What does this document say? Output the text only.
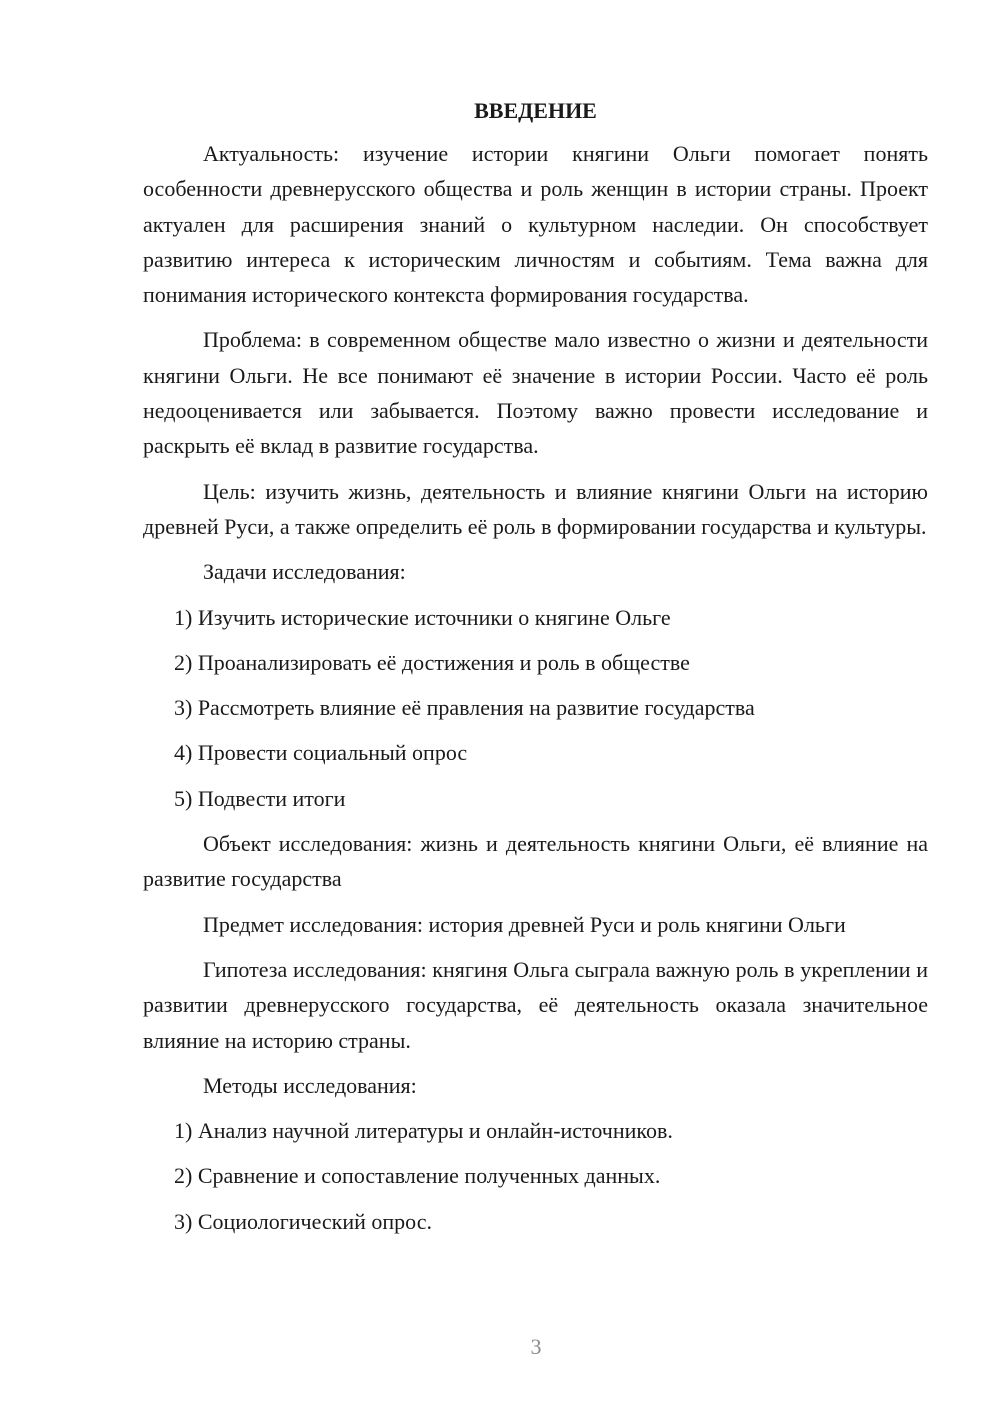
ВВЕДЕНИЕ
Актуальность: изучение истории княгини Ольги помогает понять особенности древнерусского общества и роль женщин в истории страны. Проект актуален для расширения знаний о культурном наследии. Он способствует развитию интереса к историческим личностям и событиям. Тема важна для понимания исторического контекста формирования государства.
Проблема: в современном обществе мало известно о жизни и деятельности княгини Ольги. Не все понимают её значение в истории России. Часто её роль недооценивается или забывается. Поэтому важно провести исследование и раскрыть её вклад в развитие государства.
Цель: изучить жизнь, деятельность и влияние княгини Ольги на историю древней Руси, а также определить её роль в формировании государства и культуры.
Задачи исследования:
1) Изучить исторические источники о княгине Ольге
2) Проанализировать её достижения и роль в обществе
3) Рассмотреть влияние её правления на развитие государства
4) Провести социальный опрос
5) Подвести итоги
Объект исследования: жизнь и деятельность княгини Ольги, её влияние на развитие государства
Предмет исследования: история древней Руси и роль княгини Ольги
Гипотеза исследования: княгиня Ольга сыграла важную роль в укреплении и развитии древнерусского государства, её деятельность оказала значительное влияние на историю страны.
Методы исследования:
1) Анализ научной литературы и онлайн-источников.
2) Сравнение и сопоставление полученных данных.
3) Социологический опрос.
3
